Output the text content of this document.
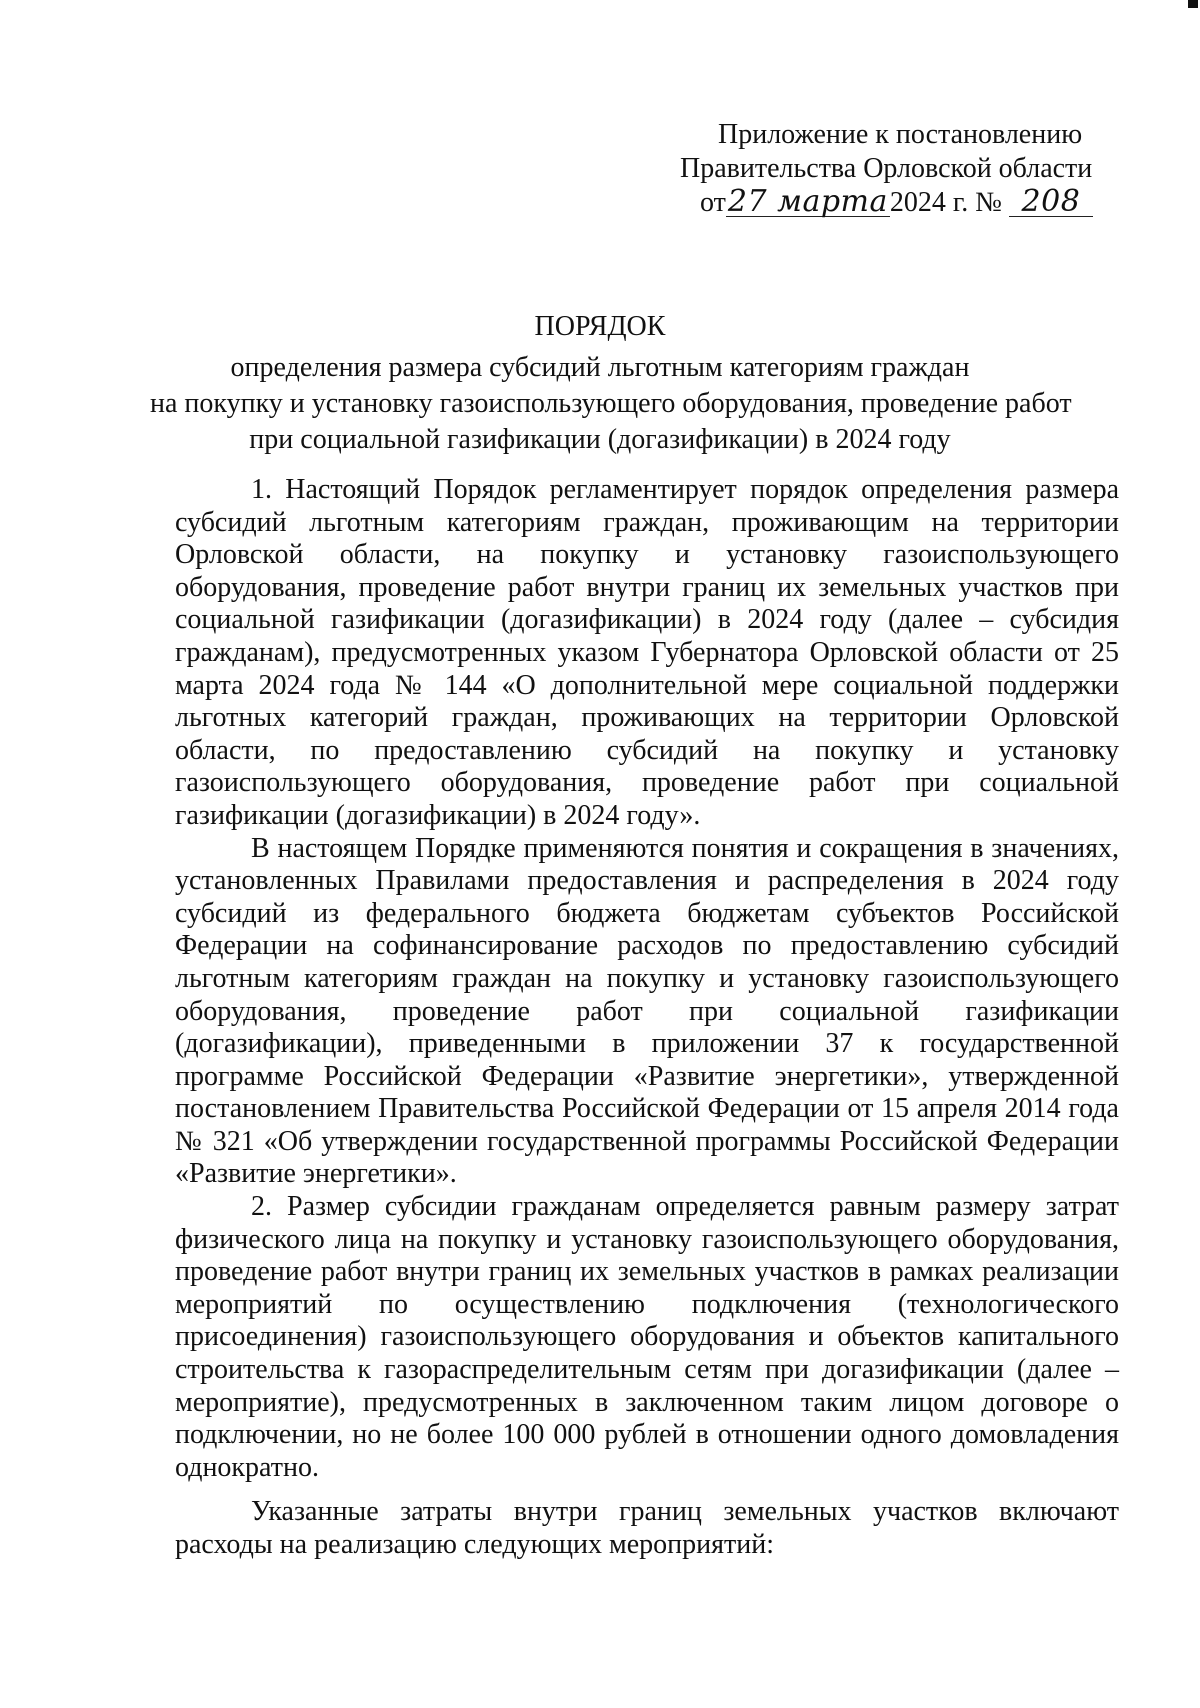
Приложение к постановлению
Правительства Орловской области
от27 марта2024 г. № 208
ПОРЯДОК
определения размера субсидий льготным категориям граждан
на покупку и установку газоиспользующего оборудования, проведение работ
при социальной газификации (догазификации) в 2024 году

1. Настоящий Порядок регламентирует порядок определения размера субсидий льготным категориям граждан, проживающим на территории Орловской области, на покупку и установку газоиспользующего оборудования, проведение работ внутри границ их земельных участков при социальной газификации (догазификации) в 2024 году (далее – субсидия гражданам), предусмотренных указом Губернатора Орловской области от 25 марта 2024 года № 144 «О дополнительной мере социальной поддержки льготных категорий граждан, проживающих на территории Орловской области, по предоставлению субсидий на покупку и установку газоиспользующего оборудования, проведение работ при социальной газификации (догазификации) в 2024 году».

В настоящем Порядке применяются понятия и сокращения в значениях, установленных Правилами предоставления и распределения в 2024 году субсидий из федерального бюджета бюджетам субъектов Российской Федерации на софинансирование расходов по предоставлению субсидий льготным категориям граждан на покупку и установку газоиспользующего оборудования, проведение работ при социальной газификации (догазификации), приведенными в приложении 37 к государственной программе Российской Федерации «Развитие энергетики», утвержденной постановлением Правительства Российской Федерации от 15 апреля 2014 года № 321 «Об утверждении государственной программы Российской Федерации «Развитие энергетики».

2. Размер субсидии гражданам определяется равным размеру затрат физического лица на покупку и установку газоиспользующего оборудования, проведение работ внутри границ их земельных участков в рамках реализации мероприятий по осуществлению подключения (технологического присоединения) газоиспользующего оборудования и объектов капитального строительства к газораспределительным сетям при догазификации (далее – мероприятие), предусмотренных в заключенном таким лицом договоре о подключении, но не более 100 000 рублей в отношении одного домовладения однократно.

Указанные затраты внутри границ земельных участков включают расходы на реализацию следующих мероприятий:
